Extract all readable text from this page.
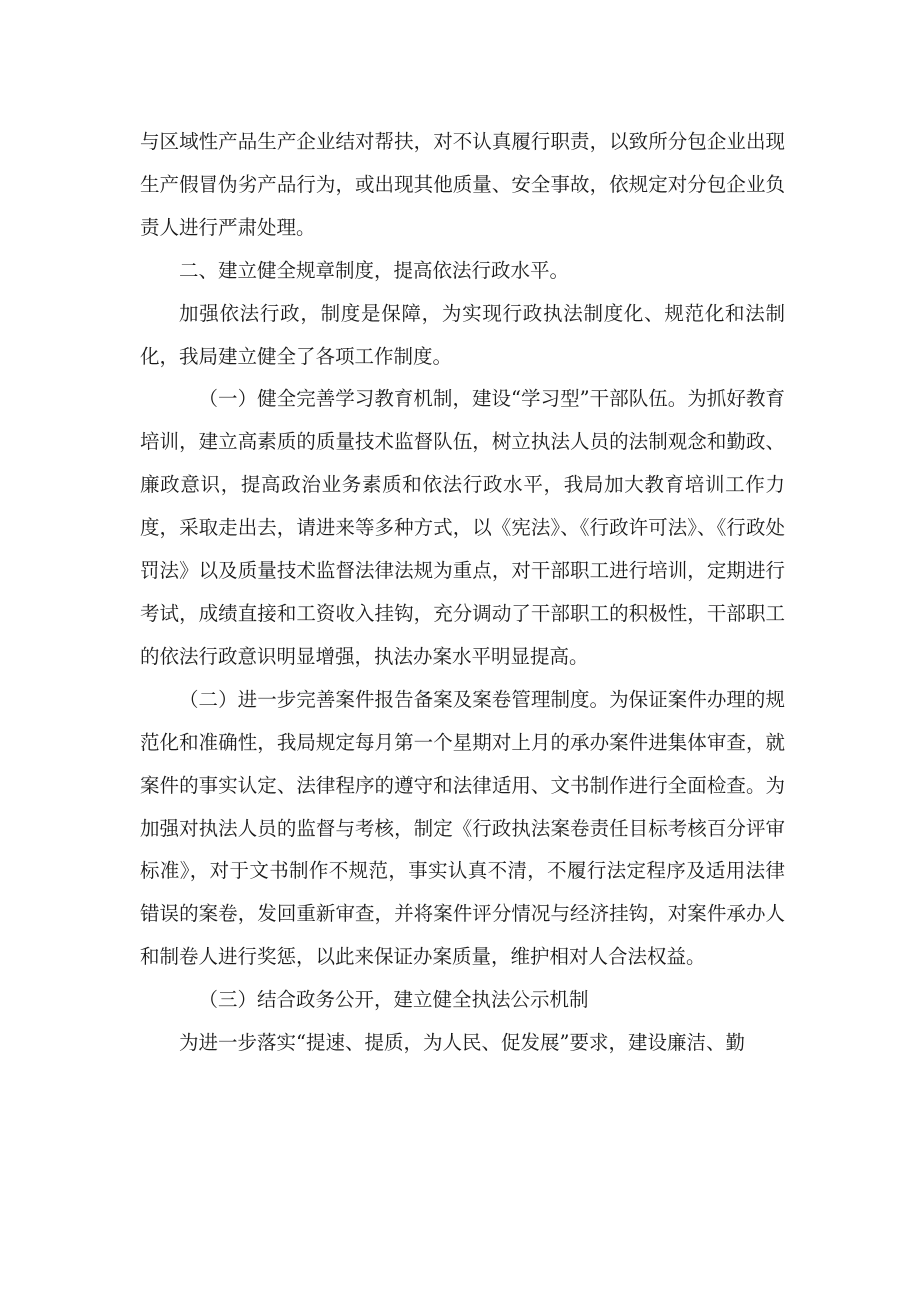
与区域性产品生产企业结对帮扶，对不认真履行职责，以致所分包企业出现生产假冒伪劣产品行为，或出现其他质量、安全事故，依规定对分包企业负责人进行严肃处理。

二、建立健全规章制度，提高依法行政水平。

加强依法行政，制度是保障，为实现行政执法制度化、规范化和法制化，我局建立健全了各项工作制度。

（一）健全完善学习教育机制，建设“学习型”干部队伍。为抓好教育培训，建立高素质的质量技术监督队伍，树立执法人员的法制观念和勤政、廉政意识，提高政治业务素质和依法行政水平，我局加大教育培训工作力度，采取走出去，请进来等多种方式，以《宪法》、《行政许可法》、《行政处罚法》以及质量技术监督法律法规为重点，对干部职工进行培训，定期进行考试，成绩直接和工资收入挂钩，充分调动了干部职工的积极性，干部职工的依法行政意识明显增强，执法办案水平明显提高。

（二）进一步完善案件报告备案及案卷管理制度。为保证案件办理的规范化和准确性，我局规定每月第一个星期对上月的承办案件进集体审查，就案件的事实认定、法律程序的遵守和法律适用、文书制作进行全面检查。为加强对执法人员的监督与考核，制定《行政执法案卷责任目标考核百分评审标准》，对于文书制作不规范，事实认真不清，不履行法定程序及适用法律错误的案卷，发回重新审查，并将案件评分情况与经济挂钩，对案件承办人和制卷人进行奖惩，以此来保证办案质量，维护相对人合法权益。

（三）结合政务公开，建立健全执法公示机制

为进一步落实“提速、提质，为人民、促发展”要求，建设廉洁、勤
